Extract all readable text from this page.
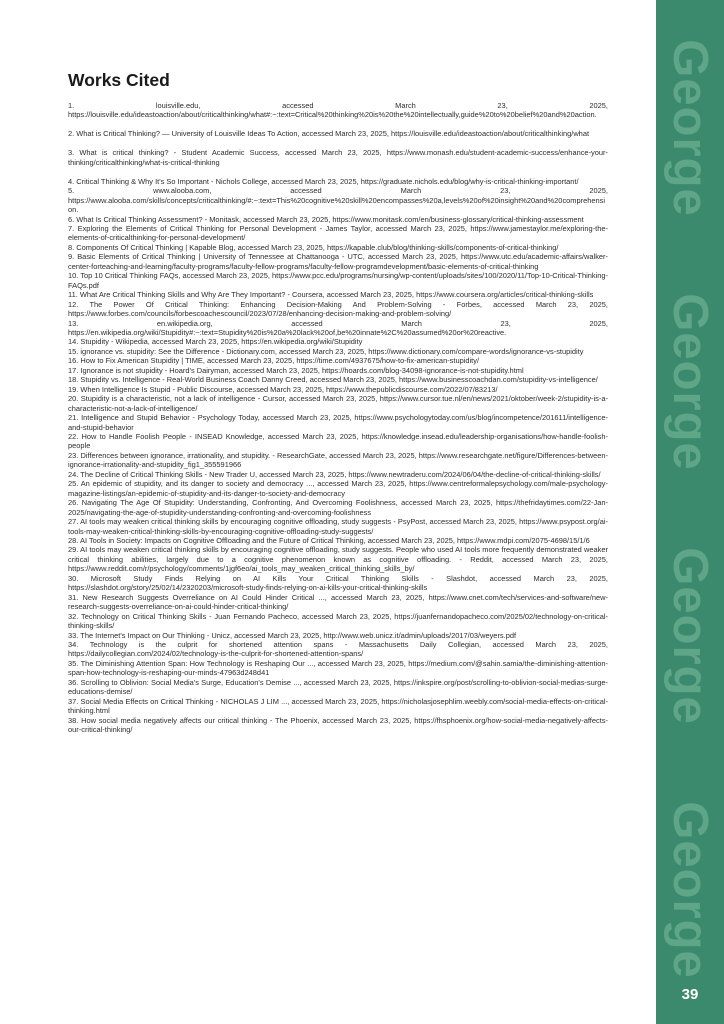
Works Cited

1. louisville.edu, accessed March 23, 2025, https://louisville.edu/ideastoaction/about/criticalthinking/what#:~:text=Critical%20thinking%20is%20the%20intellectually,guide%20to%20belief%20and%20action.

2. What is Critical Thinking? — University of Louisville Ideas To Action, accessed March 23, 2025, https://louisville.edu/ideastoaction/about/criticalthinking/what

3. What is critical thinking? - Student Academic Success, accessed March 23, 2025, https://www.monash.edu/student-academic-success/enhance-your-thinking/criticalthinking/what-is-critical-thinking

4. Critical Thinking & Why It's So Important - Nichols College, accessed March 23, 2025, https://graduate.nichols.edu/blog/why-is-critical-thinking-important/

5. www.alooba.com, accessed March 23, 2025, https://www.alooba.com/skills/concepts/criticalthinking/#:~:text=This%20cognitive%20skill%20encompasses%20a,levels%20of%20insight%20and%20comprehension.

6. What Is Critical Thinking Assessment? - Monitask, accessed March 23, 2025, https://www.monitask.com/en/business-glossary/critical-thinking-assessment

7. Exploring the Elements of Critical Thinking for Personal Development - James Taylor, accessed March 23, 2025, https://www.jamestaylor.me/exploring-the-elements-of-criticalthinking-for-personal-development/

8. Components Of Critical Thinking | Kapable Blog, accessed March 23, 2025, https://kapable.club/blog/thinking-skills/components-of-critical-thinking/

9. Basic Elements of Critical Thinking | University of Tennessee at Chattanooga - UTC, accessed March 23, 2025, https://www.utc.edu/academic-affairs/walker-center-forteaching-and-learning/faculty-programs/faculty-fellow-programs/faculty-fellow-programdevelopment/basic-elements-of-critical-thinking

10. Top 10 Critical Thinking FAQs, accessed March 23, 2025, https://www.pcc.edu/programs/nursing/wp-content/uploads/sites/100/2020/11/Top-10-Critical-Thinking-FAQs.pdf

11. What Are Critical Thinking Skills and Why Are They Important? - Coursera, accessed March 23, 2025, https://www.coursera.org/articles/critical-thinking-skills

12. The Power Of Critical Thinking: Enhancing Decision-Making And Problem-Solving - Forbes, accessed March 23, 2025, https://www.forbes.com/councils/forbescoachescouncil/2023/07/28/enhancing-decision-making-and-problem-solving/

13. en.wikipedia.org, accessed March 23, 2025, https://en.wikipedia.org/wiki/Stupidity#:~:text=Stupidity%20is%20a%20lack%20of,be%20innate%2C%20assumed%20or%20reactive.

14. Stupidity - Wikipedia, accessed March 23, 2025, https://en.wikipedia.org/wiki/Stupidity

15. ignorance vs. stupidity: See the Difference - Dictionary.com, accessed March 23, 2025, https://www.dictionary.com/compare-words/ignorance-vs-stupidity

16. How to Fix American Stupidity | TIME, accessed March 23, 2025, https://time.com/4937675/how-to-fix-american-stupidity/

17. Ignorance is not stupidity - Hoard's Dairyman, accessed March 23, 2025, https://hoards.com/blog-34098-ignorance-is-not-stupidity.html

18. Stupidity vs. Intelligence - Real-World Business Coach Danny Creed, accessed March 23, 2025, https://www.businesscoachdan.com/stupidity-vs-intelligence/

19. When Intelligence Is Stupid - Public Discourse, accessed March 23, 2025, https://www.thepublicdiscourse.com/2022/07/83213/

20. Stupidity is a characteristic, not a lack of intelligence - Cursor, accessed March 23, 2025, https://www.cursor.tue.nl/en/news/2021/oktober/week-2/stupidity-is-a-characteristic-not-a-lack-of-intelligence/

21. Intelligence and Stupid Behavior - Psychology Today, accessed March 23, 2025, https://www.psychologytoday.com/us/blog/incompetence/201611/intelligence-and-stupid-behavior

22. How to Handle Foolish People - INSEAD Knowledge, accessed March 23, 2025, https://knowledge.insead.edu/leadership-organisations/how-handle-foolish-people

23. Differences between ignorance, irrationality, and stupidity. - ResearchGate, accessed March 23, 2025, https://www.researchgate.net/figure/Differences-between-ignorance-irrationality-and-stupidity_fig1_355591966

24. The Decline of Critical Thinking Skills - New Trader U, accessed March 23, 2025, https://www.newtraderu.com/2024/06/04/the-decline-of-critical-thinking-skills/

25. An epidemic of stupidity, and its danger to society and democracy ..., accessed March 23, 2025, https://www.centreformalepsychology.com/male-psychology-magazine-listings/an-epidemic-of-stupidity-and-its-danger-to-society-and-democracy

26. Navigating The Age Of Stupidity: Understanding, Confronting, And Overcoming Foolishness, accessed March 23, 2025, https://thefridaytimes.com/22-Jan-2025/navigating-the-age-of-stupidity-understanding-confronting-and-overcoming-foolishness

27. AI tools may weaken critical thinking skills by encouraging cognitive offloading, study suggests - PsyPost, accessed March 23, 2025, https://www.psypost.org/ai-tools-may-weaken-critical-thinking-skills-by-encouraging-cognitive-offloading-study-suggests/

28. AI Tools in Society: Impacts on Cognitive Offloading and the Future of Critical Thinking, accessed March 23, 2025, https://www.mdpi.com/2075-4698/15/1/6

29. AI tools may weaken critical thinking skills by encouraging cognitive offloading, study suggests. People who used AI tools more frequently demonstrated weaker critical thinking abilities, largely due to a cognitive phenomenon known as cognitive offloading. - Reddit, accessed March 23, 2025, https://www.reddit.com/r/psychology/comments/1jgf6eo/ai_tools_may_weaken_critical_thinking_skills_by/

30. Microsoft Study Finds Relying on AI Kills Your Critical Thinking Skills - Slashdot, accessed March 23, 2025, https://slashdot.org/story/25/02/14/2320203/microsoft-study-finds-relying-on-ai-kills-your-critical-thinking-skills

31. New Research Suggests Overreliance on AI Could Hinder Critical ..., accessed March 23, 2025, https://www.cnet.com/tech/services-and-software/new-research-suggests-overreliance-on-ai-could-hinder-critical-thinking/

32. Technology on Critical Thinking Skills - Juan Fernando Pacheco, accessed March 23, 2025, https://juanfernandopacheco.com/2025/02/technology-on-critical-thinking-skills/

33. The Internet's Impact on Our Thinking - Unicz, accessed March 23, 2025, http://www.web.unicz.it/admin/uploads/2017/03/weyers.pdf

34. Technology is the culprit for shortened attention spans - Massachusetts Daily Collegian, accessed March 23, 2025, https://dailycollegian.com/2024/02/technology-is-the-culprit-for-shortened-attention-spans/

35. The Diminishing Attention Span: How Technology is Reshaping Our ..., accessed March 23, 2025, https://medium.com/@sahin.samia/the-diminishing-attention-span-how-technology-is-reshaping-our-minds-47963d248d41

36. Scrolling to Oblivion: Social Media's Surge, Education's Demise ..., accessed March 23, 2025, https://inkspire.org/post/scrolling-to-oblivion-social-medias-surge-educations-demise/

37. Social Media Effects on Critical Thinking - NICHOLAS J LIM ..., accessed March 23, 2025, https://nicholasjosephlim.weebly.com/social-media-effects-on-critical-thinking.html

38. How social media negatively affects our critical thinking - The Phoenix, accessed March 23, 2025, https://fhsphoenix.org/how-social-media-negatively-affects-our-critical-thinking/

George
George
George
George
39
